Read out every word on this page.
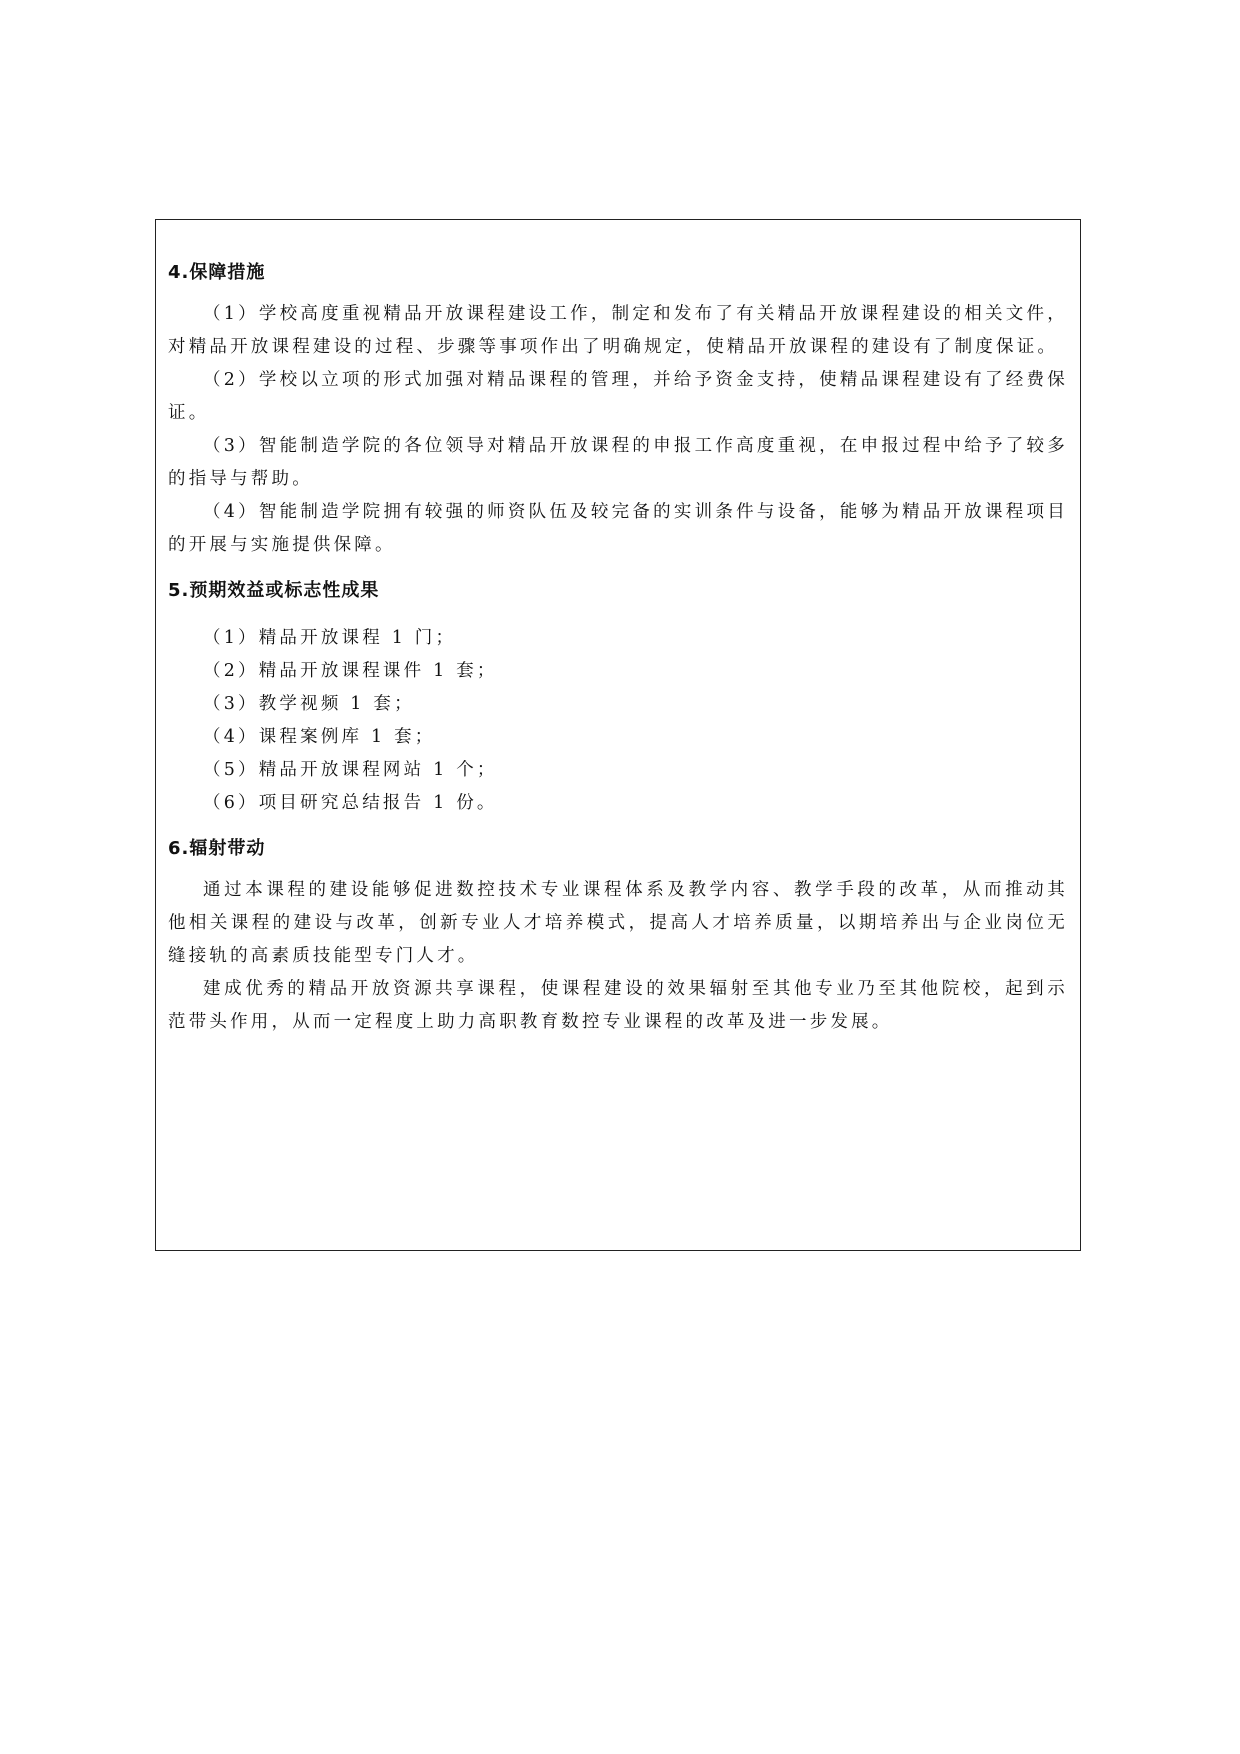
4.保障措施

（1）学校高度重视精品开放课程建设工作，制定和发布了有关精品开放课程建设的相关文件，对精品开放课程建设的过程、步骤等事项作出了明确规定，使精品开放课程的建设有了制度保证。

（2）学校以立项的形式加强对精品课程的管理，并给予资金支持，使精品课程建设有了经费保证。

（3）智能制造学院的各位领导对精品开放课程的申报工作高度重视，在申报过程中给予了较多的指导与帮助。

（4）智能制造学院拥有较强的师资队伍及较完备的实训条件与设备，能够为精品开放课程项目的开展与实施提供保障。

5.预期效益或标志性成果
（1）精品开放课程 1 门；
（2）精品开放课程课件 1 套；
（3）教学视频 1 套；
（4）课程案例库 1 套；
（5）精品开放课程网站 1 个；
（6）项目研究总结报告 1 份。
6.辐射带动

通过本课程的建设能够促进数控技术专业课程体系及教学内容、教学手段的改革，从而推动其他相关课程的建设与改革，创新专业人才培养模式，提高人才培养质量，以期培养出与企业岗位无缝接轨的高素质技能型专门人才。

建成优秀的精品开放资源共享课程，使课程建设的效果辐射至其他专业乃至其他院校，起到示范带头作用，从而一定程度上助力高职教育数控专业课程的改革及进一步发展。
